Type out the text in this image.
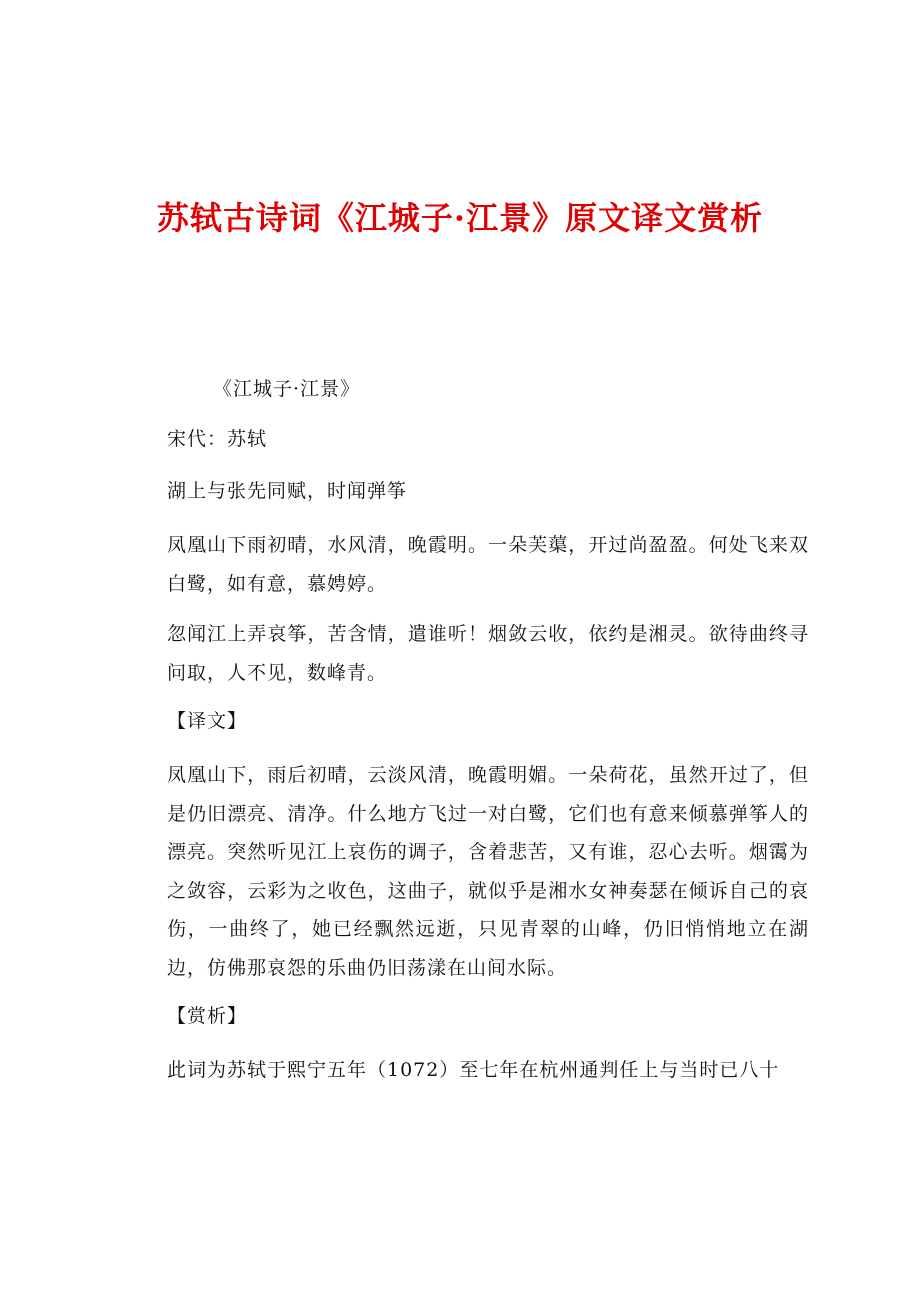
苏轼古诗词《江城子·江景》原文译文赏析

《江城子·江景》

宋代：苏轼

湖上与张先同赋，时闻弹筝

凤凰山下雨初晴，水风清，晚霞明。一朵芙蕖，开过尚盈盈。何处飞来双白鹭，如有意，慕娉婷。

忽闻江上弄哀筝，苦含情，遣谁听！烟敛云收，依约是湘灵。欲待曲终寻问取，人不见，数峰青。

【译文】

凤凰山下，雨后初晴，云淡风清，晚霞明媚。一朵荷花，虽然开过了，但是仍旧漂亮、清净。什么地方飞过一对白鹭，它们也有意来倾慕弹筝人的漂亮。突然听见江上哀伤的调子，含着悲苦，又有谁，忍心去听。烟霭为之敛容，云彩为之收色，这曲子，就似乎是湘水女神奏瑟在倾诉自己的哀伤，一曲终了，她已经飘然远逝，只见青翠的山峰，仍旧悄悄地立在湖边，仿佛那哀怨的乐曲仍旧荡漾在山间水际。

【赏析】

此词为苏轼于熙宁五年（1072）至七年在杭州通判任上与当时已八十
